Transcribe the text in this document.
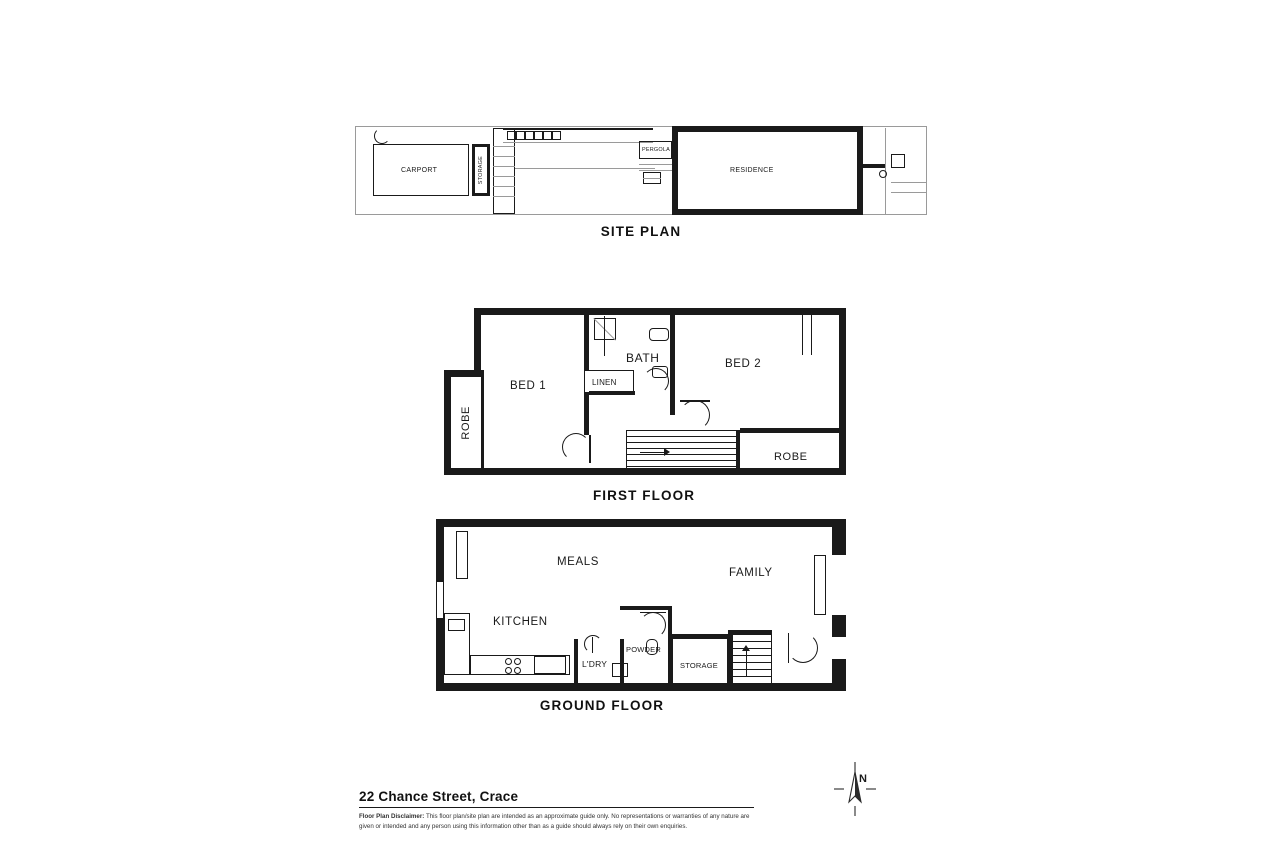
CARPORT	STORAGE
PERGOLA
RESIDENCE
SITE PLAN
BED 1	LINEN
BATH	BED 2
ROBE
ROBE
FIRST FLOOR
MEALS
FAMILY
KITCHEN
L'DRY
POWDER
STORAGE
GROUND FLOOR
22 Chance Street, Crace
Floor Plan Disclaimer: This floor plan/site plan are intended as an approximate guide only. No representations or warranties of any nature are given or intended and any person using this information other than as a guide should always rely on their own enquiries.
N
